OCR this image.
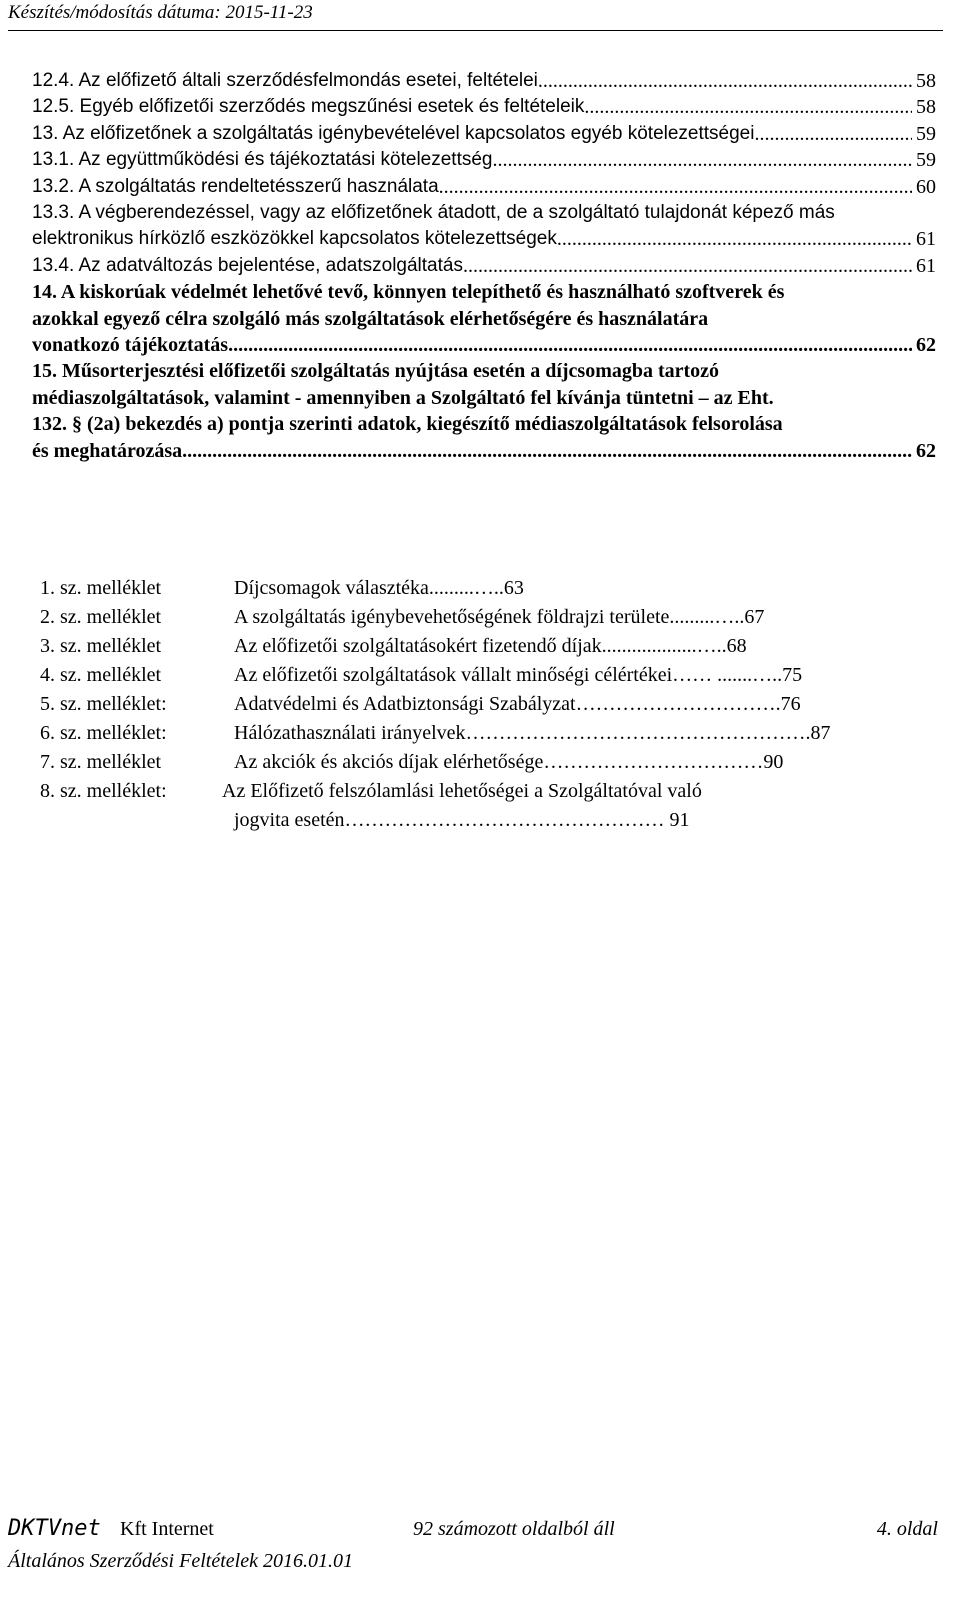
Készítés/módosítás dátuma: 2015-11-23
12.4. Az előfizető általi szerződésfelmondás esetei, feltételei .....	58
12.5. Egyéb előfizetői szerződés megszűnési esetek és feltételeik .....	58
13. Az előfizetőnek a szolgáltatás igénybevételével kapcsolatos egyéb kötelezettségei .....	59
13.1. Az együttműködési és tájékoztatási kötelezettség .....	59
13.2. A szolgáltatás rendeltetésszerű használata .....	60
13.3. A végberendezéssel, vagy az előfizetőnek átadott, de a szolgáltató tulajdonát képező más
elektronikus hírközlő eszközökkel kapcsolatos kötelezettségek .....	61
13.4. Az adatváltozás bejelentése, adatszolgáltatás .....	61
14. A kiskorúak védelmét lehetővé tevő, könnyen telepíthető és használható szoftverek és
azokkal egyező célra szolgáló más szolgáltatások elérhetőségére és használatára
vonatkozó tájékoztatás .....	62
15. Műsorterjesztési előfizetői szolgáltatás nyújtása esetén a díjcsomagba tartozó
médiaszolgáltatások, valamint - amennyiben a Szolgáltató fel kívánja tüntetni – az Eht.
132. § (2a) bekezdés a) pontja szerinti adatok, kiegészítő médiaszolgáltatások felsorolása
és meghatározása. .....	62
1. sz. melléklet	Díjcsomagok választéka.........…..63
2. sz. melléklet	A szolgáltatás igénybevehetőségének földrajzi területe.........…..67
3. sz. melléklet	Az előfizetői szolgáltatásokért fizetendő díjak...................…..68
4. sz. melléklet	Az előfizetői szolgáltatások vállalt minőségi célértékei…… .......…..75
5. sz. melléklet:	Adatvédelmi és Adatbiztonsági Szabályzat………………………….76
6. sz. melléklet:	Hálózathasználati irányelvek…………………………………………….87
7. sz. melléklet	Az akciók és akciós díjak elérhetősége……………………………90
8. sz. melléklet:	Az Előfizető felszólamlási lehetőségei a Szolgáltatóval való
jogvita esetén………………………………………… 91
DKTVnet Kft Internet	92 számozott oldalból áll	4. oldal
Általános Szerződési Feltételek 2016.01.01
